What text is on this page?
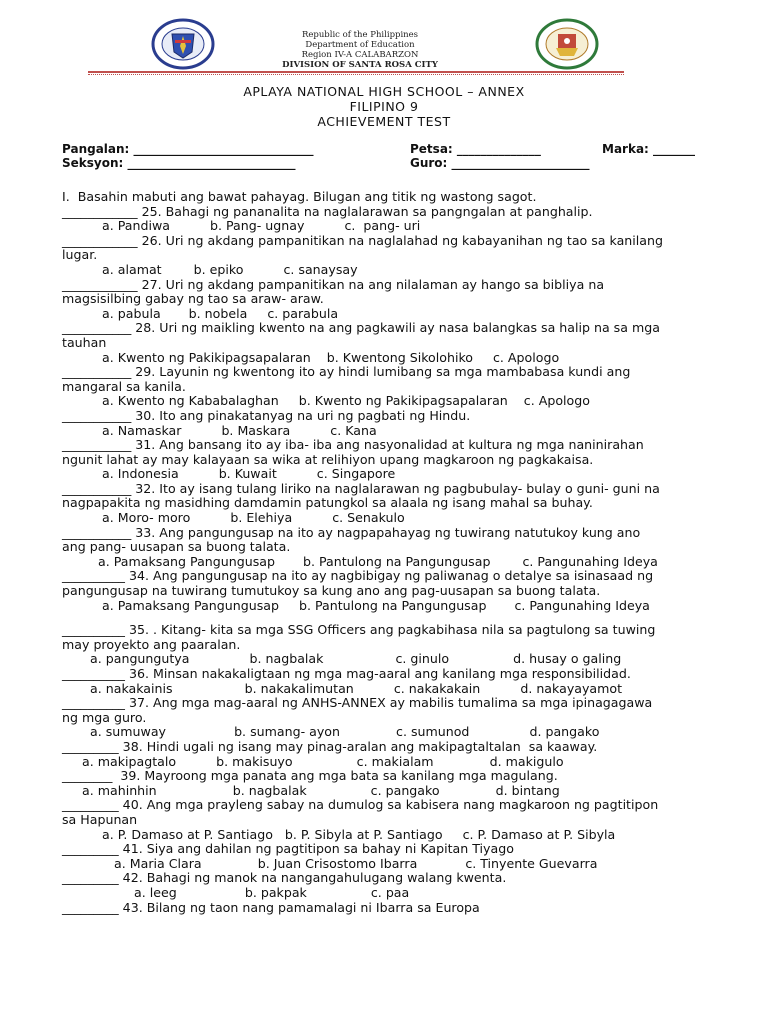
Republic of the Philippines
Department of Education
Region IV-A CALABARZON
DIVISION OF SANTA ROSA CITY
APLAYA NATIONAL HIGH SCHOOL – ANNEX
FILIPINO 9
ACHIEVEMENT TEST
Pangalan: ______________________________	Petsa: ______________	Marka: _______
Seksyon: ____________________________	Guro: _______________________
I.  Basahin mabuti ang bawat pahayag. Bilugan ang titik ng wastong sagot.
____________ 25. Bahagi ng pananalita na naglalarawan sa pangngalan at panghalip.
a. Pandiwa          b. Pang- ugnay          c.  pang- uri
____________ 26. Uri ng akdang pampanitikan na naglalahad ng kabayanihan ng tao sa kanilang
lugar.
a. alamat        b. epiko          c. sanaysay
____________ 27. Uri ng akdang pampanitikan na ang nilalaman ay hango sa bibliya na
magsisilbing gabay ng tao sa araw- araw.
a. pabula       b. nobela     c. parabula
___________ 28. Uri ng maikling kwento na ang pagkawili ay nasa balangkas sa halip na sa mga
tauhan
a. Kwento ng Pakikipagsapalaran    b. Kwentong Sikolohiko     c. Apologo
___________ 29. Layunin ng kwentong ito ay hindi lumibang sa mga mambabasa kundi ang
mangaral sa kanila.
a. Kwento ng Kababalaghan     b. Kwento ng Pakikipagsapalaran    c. Apologo
___________ 30. Ito ang pinakatanyag na uri ng pagbati ng Hindu.
a. Namaskar          b. Maskara          c. Kana
___________ 31. Ang bansang ito ay iba- iba ang nasyonalidad at kultura ng mga naninirahan
ngunit lahat ay may kalayaan sa wika at relihiyon upang magkaroon ng pagkakaisa.
a. Indonesia          b. Kuwait          c. Singapore
___________ 32. Ito ay isang tulang liriko na naglalarawan ng pagbubulay- bulay o guni- guni na
nagpapakita ng masidhing damdamin patungkol sa alaala ng isang mahal sa buhay.
a. Moro- moro          b. Elehiya          c. Senakulo
___________ 33. Ang pangungusap na ito ay nagpapahayag ng tuwirang natutukoy kung ano
ang pang- uusapan sa buong talata.
a. Pamaksang Pangungusap       b. Pantulong na Pangungusap        c. Pangunahing Ideya
__________ 34. Ang pangungusap na ito ay nagbibigay ng paliwanag o detalye sa isinasaad ng
pangungusap na tuwirang tumutukoy sa kung ano ang pag-uusapan sa buong talata.
a. Pamaksang Pangungusap     b. Pantulong na Pangungusap       c. Pangunahing Ideya
__________ 35. . Kitang- kita sa mga SSG Officers ang pagkabihasa nila sa pagtulong sa tuwing
may proyekto ang paaralan.
a. pangungutya               b. nagbalak                  c. ginulo                d. husay o galing
__________ 36. Minsan nakakaligtaan ng mga mag-aaral ang kanilang mga responsibilidad.
a. nakakainis                  b. nakakalimutan          c. nakakakain          d. nakayayamot
__________ 37. Ang mga mag-aaral ng ANHS-ANNEX ay mabilis tumalima sa mga ipinagagawa
ng mga guro.
a. sumuway                 b. sumang- ayon              c. sumunod               d. pangako
_________ 38. Hindi ugali ng isang may pinag-aralan ang makipagtaltalan  sa kaaway.
a. makipagtalo          b. makisuyo                c. makialam              d. makigulo
________  39. Mayroong mga panata ang mga bata sa kanilang mga magulang.
a. mahinhin                   b. nagbalak                c. pangako              d. bintang
_________ 40. Ang mga prayleng sabay na dumulog sa kabisera nang magkaroon ng pagtitipon
sa Hapunan
a. P. Damaso at P. Santiago   b. P. Sibyla at P. Santiago     c. P. Damaso at P. Sibyla
_________ 41. Siya ang dahilan ng pagtitipon sa bahay ni Kapitan Tiyago
a. Maria Clara              b. Juan Crisostomo Ibarra            c. Tinyente Guevarra
_________ 42. Bahagi ng manok na nangangahulugang walang kwenta.
a. leeg                 b. pakpak                c. paa
_________ 43. Bilang ng taon nang pamamalagi ni Ibarra sa Europa
